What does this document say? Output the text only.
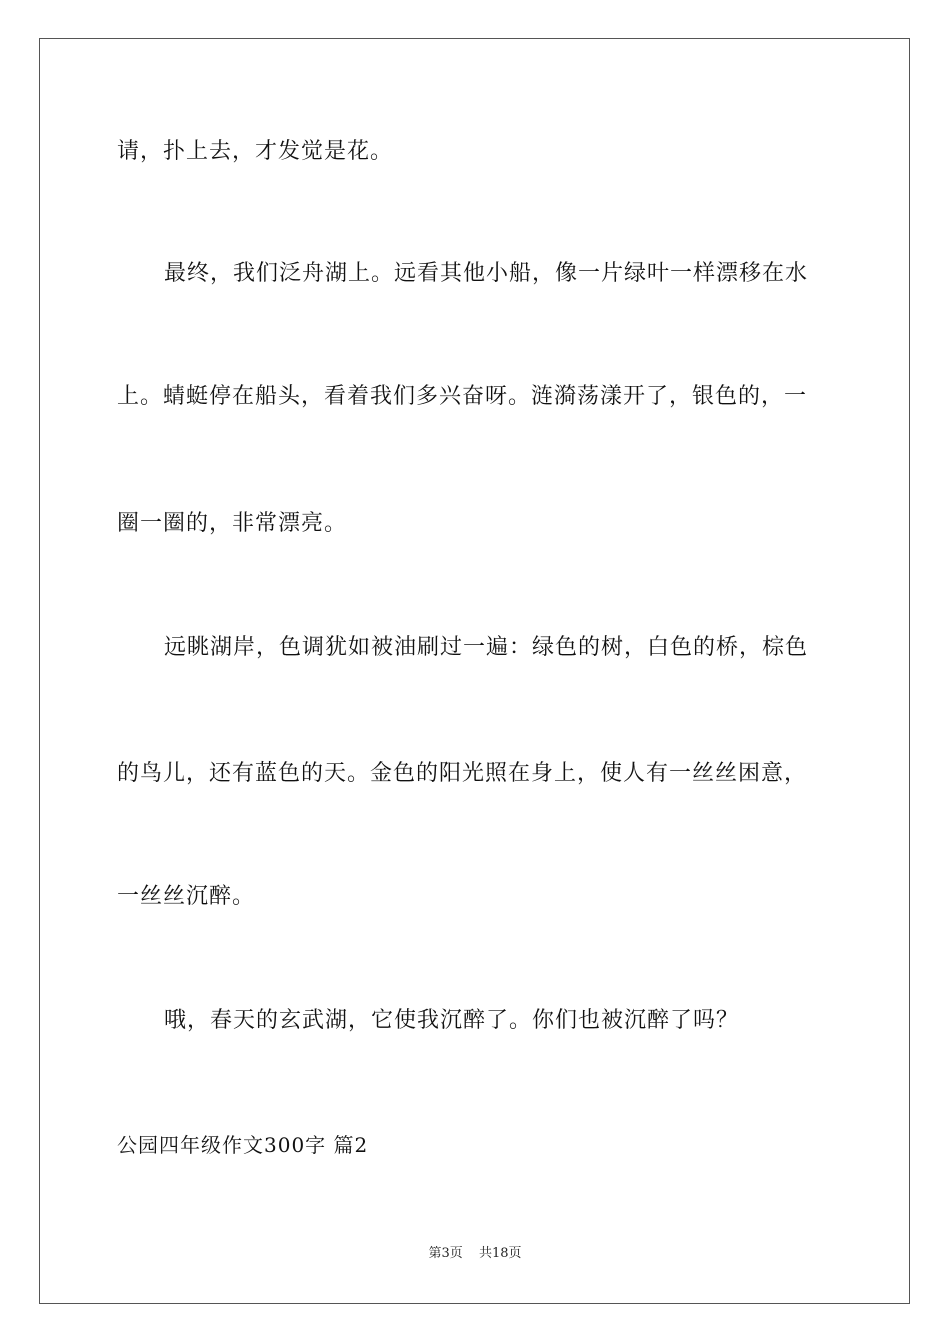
请，扑上去，才发觉是花。
最终，我们泛舟湖上。远看其他小船，像一片绿叶一样漂移在水
上。蜻蜓停在船头，看着我们多兴奋呀。涟漪荡漾开了，银色的，一
圈一圈的，非常漂亮。
远眺湖岸，色调犹如被油刷过一遍：绿色的树，白色的桥，棕色
的鸟儿，还有蓝色的天。金色的阳光照在身上，使人有一丝丝困意，
一丝丝沉醉。
哦，春天的玄武湖，它使我沉醉了。你们也被沉醉了吗？
公园四年级作文300字 篇2
第3页 共18页
